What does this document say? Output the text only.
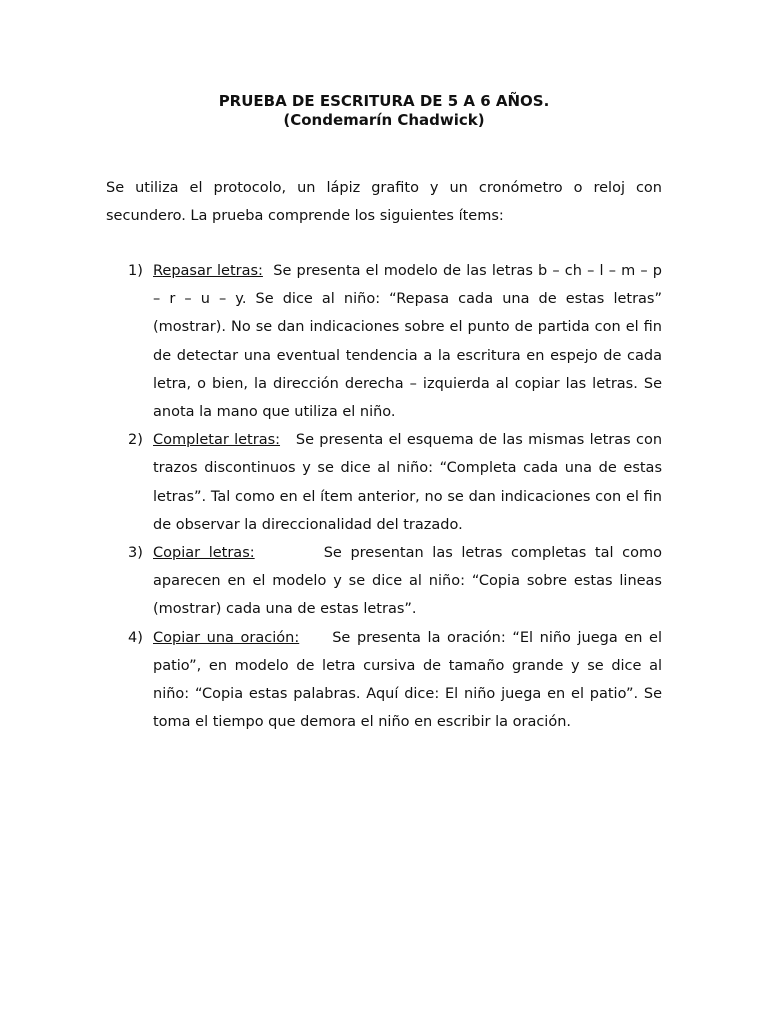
PRUEBA DE ESCRITURA DE 5 A 6 AÑOS.
(Condemarín Chadwick)

Se utiliza el protocolo, un lápiz grafito y un cronómetro o reloj con secundero. La prueba comprende los siguientes ítems:

1) Repasar letras: Se presenta el modelo de las letras b – ch – l – m – p – r – u – y. Se dice al niño: “Repasa cada una de estas letras” (mostrar). No se dan indicaciones sobre el punto de partida con el fin de detectar una eventual tendencia a la escritura en espejo de cada letra, o bien, la dirección derecha – izquierda al copiar las letras. Se anota la mano que utiliza el niño.
2) Completar letras: Se presenta el esquema de las mismas letras con trazos discontinuos y se dice al niño: “Completa cada una de estas letras”. Tal como en el ítem anterior, no se dan indicaciones con el fin de observar la direccionalidad del trazado.
3) Copiar letras:	Se presentan las letras completas tal como aparecen en el modelo y se dice al niño: “Copia sobre estas lineas (mostrar) cada una de estas letras”.
4) Copiar una oración: Se presenta la oración: “El niño juega en el patio”, en modelo de letra cursiva de tamaño grande y se dice al niño: “Copia estas palabras. Aquí dice: El niño juega en el patio”. Se toma el tiempo que demora el niño en escribir la oración.
